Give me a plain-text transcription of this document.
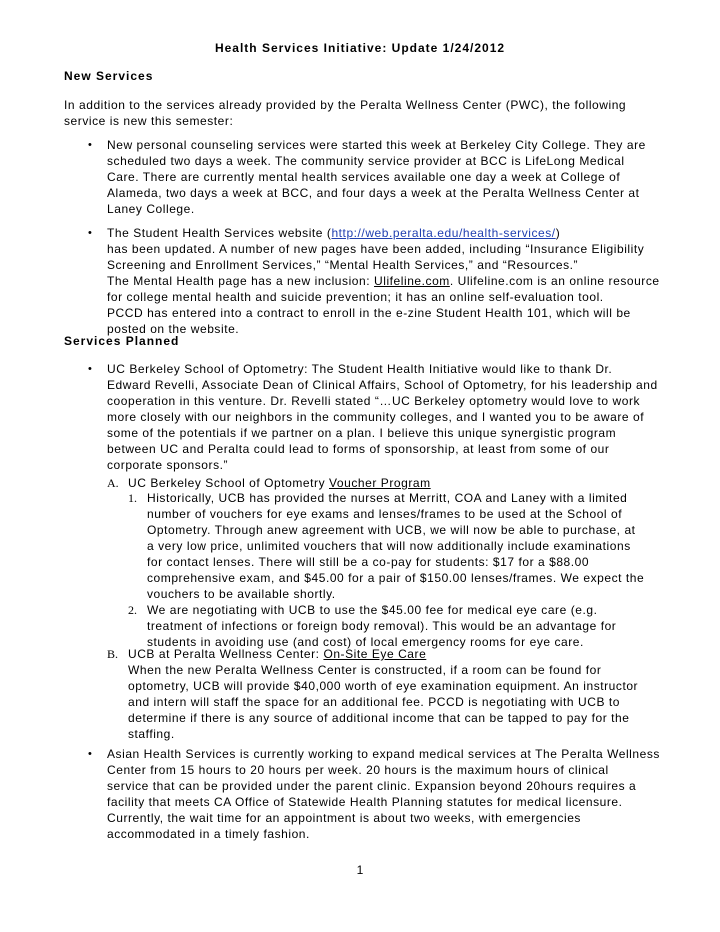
Health Services Initiative: Update 1/24/2012
New Services
In addition to the services already provided by the Peralta Wellness Center (PWC), the following
service is new this semester:
• New personal counseling services were started this week at Berkeley City College. They are
scheduled two days a week. The community service provider at BCC is LifeLong Medical
Care. There are currently mental health services available one day a week at College of
Alameda, two days a week at BCC, and four days a week at the Peralta Wellness Center at
Laney College.
• The Student Health Services website (http://web.peralta.edu/health-services/)
has been updated. A number of new pages have been added, including “Insurance Eligibility
Screening and Enrollment Services,” “Mental Health Services,” and “Resources.”
The Mental Health page has a new inclusion: Ulifeline.com. Ulifeline.com is an online resource
for college mental health and suicide prevention; it has an online self-evaluation tool.
PCCD has entered into a contract to enroll in the e-zine Student Health 101, which will be
posted on the website.
Services Planned
• UC Berkeley School of Optometry: The Student Health Initiative would like to thank Dr.
Edward Revelli, Associate Dean of Clinical Affairs, School of Optometry, for his leadership and
cooperation in this venture. Dr. Revelli stated “…UC Berkeley optometry would love to work
more closely with our neighbors in the community colleges, and I wanted you to be aware of
some of the potentials if we partner on a plan. I believe this unique synergistic program
between UC and Peralta could lead to forms of sponsorship, at least from some of our
corporate sponsors.”
A. UC Berkeley School of Optometry Voucher Program
1. Historically, UCB has provided the nurses at Merritt, COA and Laney with a limited
number of vouchers for eye exams and lenses/frames to be used at the School of
Optometry. Through anew agreement with UCB, we will now be able to purchase, at
a very low price, unlimited vouchers that will now additionally include examinations
for contact lenses. There will still be a co-pay for students: $17 for a $88.00
comprehensive exam, and $45.00 for a pair of $150.00 lenses/frames. We expect the
vouchers to be available shortly.
2. We are negotiating with UCB to use the $45.00 fee for medical eye care (e.g.
treatment of infections or foreign body removal). This would be an advantage for
students in avoiding use (and cost) of local emergency rooms for eye care.
B. UCB at Peralta Wellness Center: On-Site Eye Care
When the new Peralta Wellness Center is constructed, if a room can be found for
optometry, UCB will provide $40,000 worth of eye examination equipment. An instructor
and intern will staff the space for an additional fee. PCCD is negotiating with UCB to
determine if there is any source of additional income that can be tapped to pay for the
staffing.
• Asian Health Services is currently working to expand medical services at The Peralta Wellness
Center from 15 hours to 20 hours per week. 20 hours is the maximum hours of clinical
service that can be provided under the parent clinic. Expansion beyond 20hours requires a
facility that meets CA Office of Statewide Health Planning statutes for medical licensure.
Currently, the wait time for an appointment is about two weeks, with emergencies
accommodated in a timely fashion.
1
